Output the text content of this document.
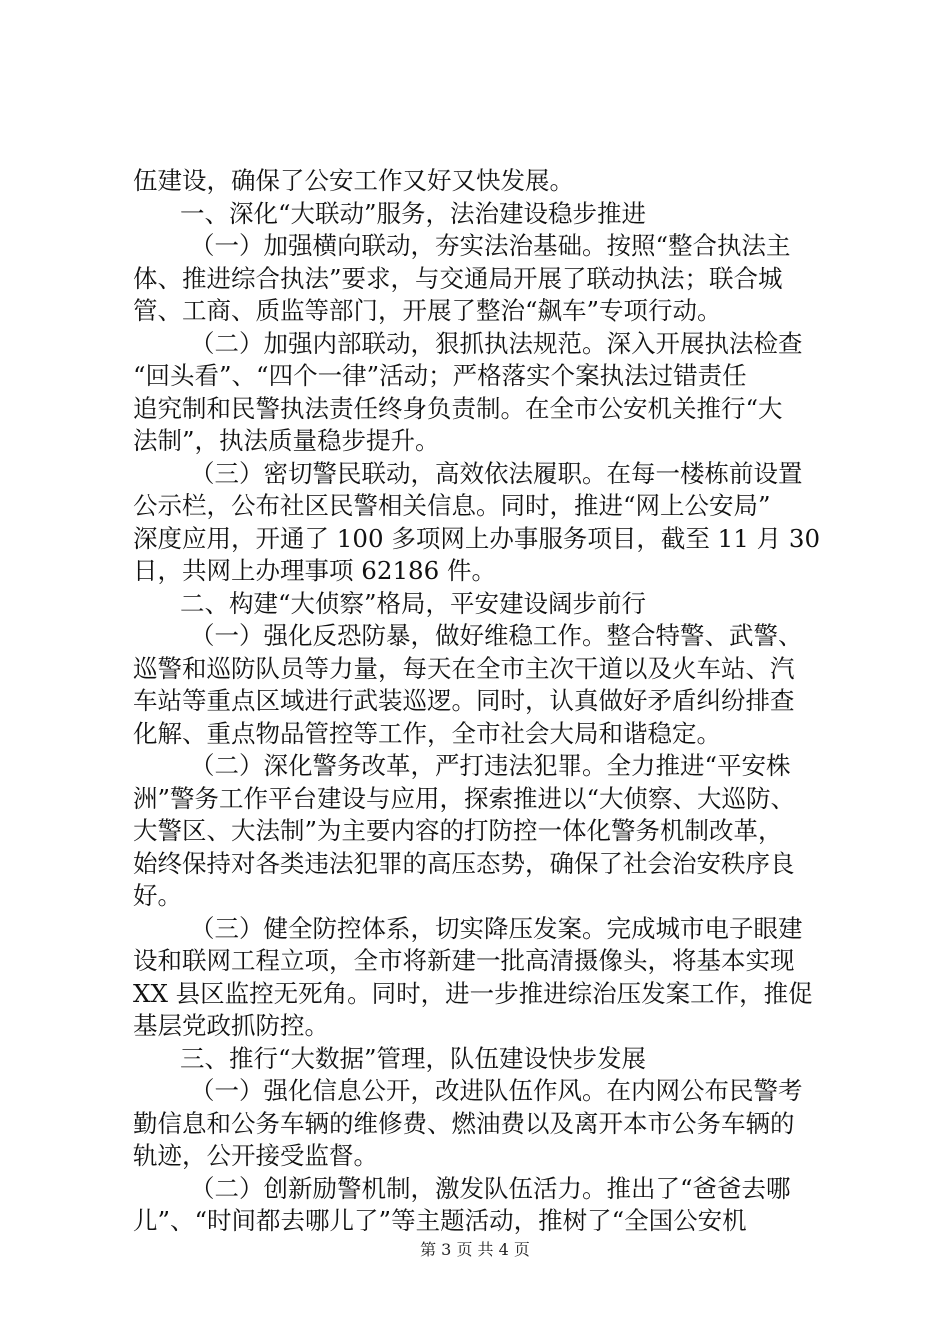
伍建设，确保了公安工作又好又快发展。
一、深化“大联动”服务，法治建设稳步推进
（一）加强横向联动，夯实法治基础。按照“整合执法主
体、推进综合执法”要求，与交通局开展了联动执法；联合城
管、工商、质监等部门，开展了整治“飙车”专项行动。
（二）加强内部联动，狠抓执法规范。深入开展执法检查
“回头看”、“四个一律”活动；严格落实个案执法过错责任
追究制和民警执法责任终身负责制。在全市公安机关推行“大
法制”，执法质量稳步提升。
（三）密切警民联动，高效依法履职。在每一楼栋前设置
公示栏，公布社区民警相关信息。同时，推进“网上公安局”
深度应用，开通了 100 多项网上办事服务项目，截至 11 月 30
日，共网上办理事项 62186 件。
二、构建“大侦察”格局，平安建设阔步前行
（一）强化反恐防暴，做好维稳工作。整合特警、武警、
巡警和巡防队员等力量，每天在全市主次干道以及火车站、汽
车站等重点区域进行武装巡逻。同时，认真做好矛盾纠纷排查
化解、重点物品管控等工作，全市社会大局和谐稳定。
（二）深化警务改革，严打违法犯罪。全力推进“平安株
洲”警务工作平台建设与应用，探索推进以“大侦察、大巡防、
大警区、大法制”为主要内容的打防控一体化警务机制改革，
始终保持对各类违法犯罪的高压态势，确保了社会治安秩序良
好。
（三）健全防控体系，切实降压发案。完成城市电子眼建
设和联网工程立项，全市将新建一批高清摄像头，将基本实现
XX 县区监控无死角。同时，进一步推进综治压发案工作，推促
基层党政抓防控。
三、推行“大数据”管理，队伍建设快步发展
（一）强化信息公开，改进队伍作风。在内网公布民警考
勤信息和公务车辆的维修费、燃油费以及离开本市公务车辆的
轨迹，公开接受监督。
（二）创新励警机制，激发队伍活力。推出了“爸爸去哪
儿”、“时间都去哪儿了”等主题活动，推树了“全国公安机
第 3 页 共 4 页
